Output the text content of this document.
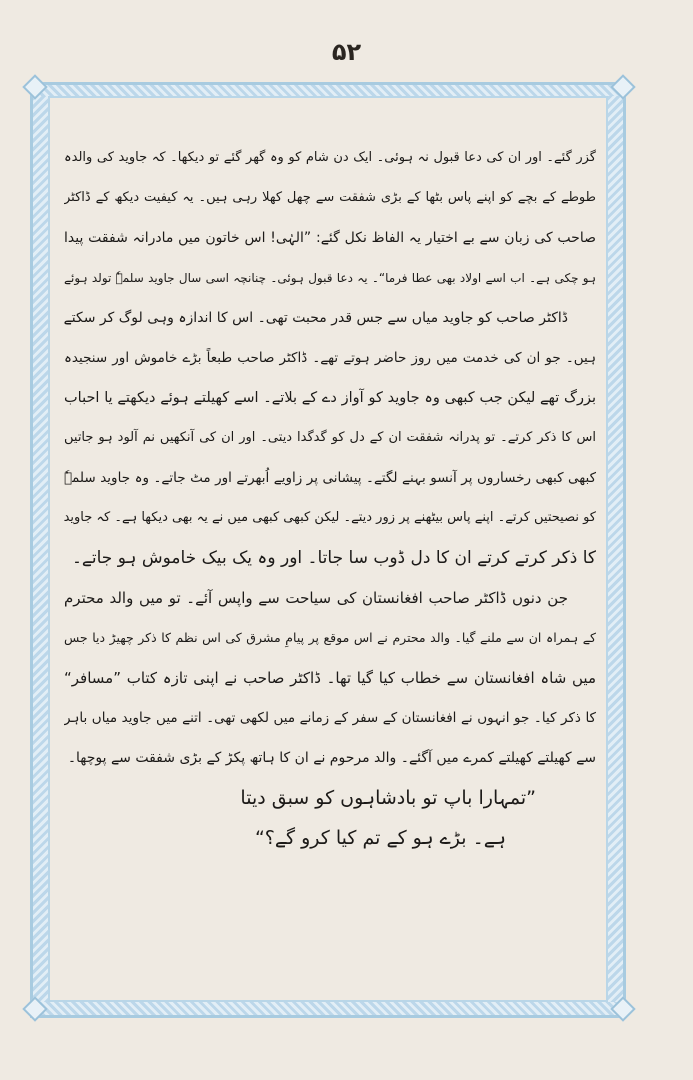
۵۲
گزر گئے۔ اور ان کی دعا قبول نہ ہوئی۔ ایک دن شام کو وہ گھر گئے تو دیکھا۔ کہ جاوید کی والدہ
طوطے کے بچے کو اپنے پاس بٹھا کے بڑی شفقت سے چھل کھلا رہی ہیں۔ یہ کیفیت دیکھ کے ڈاکٹر
صاحب کی زبان سے بے اختیار یہ الفاظ نکل گئے: ”الہٰی! اس خاتون میں مادرانہ شفقت پیدا
ہو چکی ہے۔ اب اسے اولاد بھی عطا فرما“۔ یہ دعا قبول ہوئی۔ چنانچہ اسی سال جاوید سلمہٗ تولد ہوئے
ڈاکٹر صاحب کو جاوید میاں سے جس قدر محبت تھی۔ اس کا اندازہ وہی لوگ کر سکتے
ہیں۔ جو ان کی خدمت میں روز حاضر ہوتے تھے۔ ڈاکٹر صاحب طبعاً بڑے خاموش اور سنجیدہ
بزرگ تھے لیکن جب کبھی وہ جاوید کو آواز دے کے بلاتے۔ اسے کھیلتے ہوئے دیکھتے یا احباب
اس کا ذکر کرتے۔ تو پدرانہ شفقت ان کے دل کو گدگدا دیتی۔ اور ان کی آنکھیں نم آلود ہو جاتیں
کبھی کبھی رخساروں پر آنسو بہنے لگتے۔ پیشانی پر زاویے اُبھرتے اور مٹ جاتے۔ وہ جاوید سلمہٗ
کو نصیحتیں کرتے۔ اپنے پاس بیٹھنے پر زور دیتے۔ لیکن کبھی کبھی میں نے یہ بھی دیکھا ہے۔ کہ جاوید
کا ذکر کرتے کرتے ان کا دل ڈوب سا جاتا۔ اور وہ یک بیک خاموش ہو جاتے۔
جن دنوں ڈاکٹر صاحب افغانستان کی سیاحت سے واپس آئے۔ تو میں والد محترم
کے ہمراہ ان سے ملنے گیا۔ والد محترم نے اس موقع پر پیامِ مشرق کی اس نظم کا ذکر چھیڑ دیا جس
میں شاہ افغانستان سے خطاب کیا گیا تھا۔ ڈاکٹر صاحب نے اپنی تازہ کتاب ”مسافر“
کا ذکر کیا۔ جو انہوں نے افغانستان کے سفر کے زمانے میں لکھی تھی۔ اتنے میں جاوید میاں باہر
سے کھیلتے کھیلتے کمرے میں آگئے۔ والد مرحوم نے ان کا ہاتھ پکڑ کے بڑی شفقت سے پوچھا۔
”تمہارا باپ تو بادشاہوں کو سبق دیتا
ہے۔ بڑے ہو کے تم کیا کرو گے؟“
